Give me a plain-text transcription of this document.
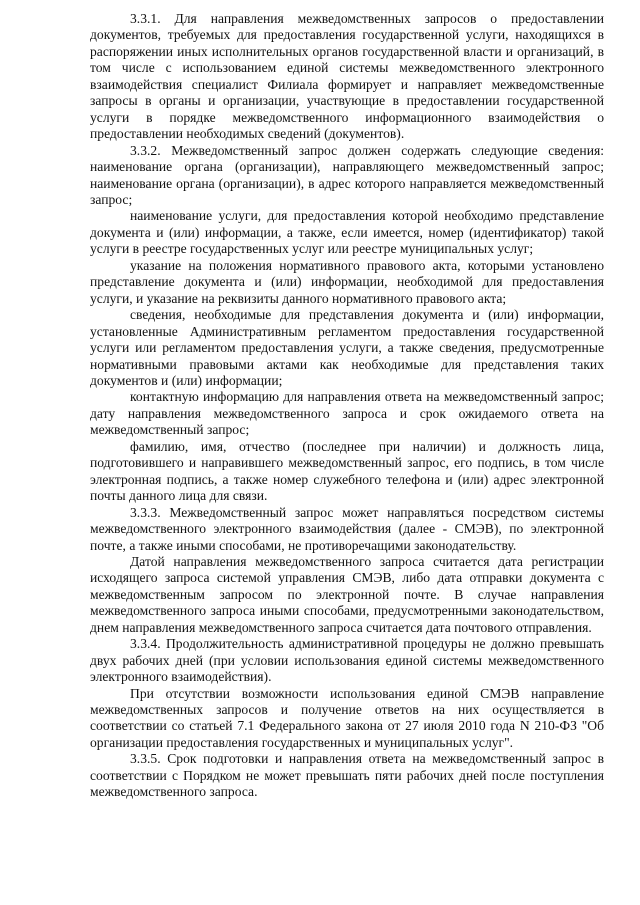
3.3.1. Для направления межведомственных запросов о предоставлении документов, требуемых для предоставления государственной услуги, находящихся в распоряжении иных исполнительных органов государственной власти и организаций, в том числе с использованием единой системы межведомственного электронного взаимодействия специалист Филиала формирует и направляет межведомственные запросы в органы и организации, участвующие в предоставлении государственной услуги в порядке межведомственного информационного взаимодействия о предоставлении необходимых сведений (документов).

3.3.2. Межведомственный запрос должен содержать следующие сведения: наименование органа (организации), направляющего межведомственный запрос; наименование органа (организации), в адрес которого направляется межведомственный запрос;

наименование услуги, для предоставления которой необходимо представление документа и (или) информации, а также, если имеется, номер (идентификатор) такой услуги в реестре государственных услуг или реестре муниципальных услуг;

указание на положения нормативного правового акта, которыми установлено представление документа и (или) информации, необходимой для предоставления услуги, и указание на реквизиты данного нормативного правового акта;

сведения, необходимые для представления документа и (или) информации, установленные Административным регламентом предоставления государственной услуги или регламентом предоставления услуги, а также сведения, предусмотренные нормативными правовыми актами как необходимые для представления таких документов и (или) информации;

контактную информацию для направления ответа на межведомственный запрос; дату направления межведомственного запроса и срок ожидаемого ответа на межведомственный запрос;

фамилию, имя, отчество (последнее при наличии) и должность лица, подготовившего и направившего межведомственный запрос, его подпись, в том числе электронная подпись, а также номер служебного телефона и (или) адрес электронной почты данного лица для связи.

3.3.3. Межведомственный запрос может направляться посредством системы межведомственного электронного взаимодействия (далее - СМЭВ), по электронной почте, а также иными способами, не противоречащими законодательству.

Датой направления межведомственного запроса считается дата регистрации исходящего запроса системой управления СМЭВ, либо дата отправки документа с межведомственным запросом по электронной почте. В случае направления межведомственного запроса иными способами, предусмотренными законодательством, днем направления межведомственного запроса считается дата почтового отправления.

3.3.4. Продолжительность административной процедуры не должно превышать двух рабочих дней (при условии использования единой системы межведомственного электронного взаимодействия).

При отсутствии возможности использования единой СМЭВ направление межведомственных запросов и получение ответов на них осуществляется в соответствии со статьей 7.1 Федерального закона от 27 июля 2010 года N 210-ФЗ "Об организации предоставления государственных и муниципальных услуг".

3.3.5. Срок подготовки и направления ответа на межведомственный запрос в соответствии с Порядком не может превышать пяти рабочих дней после поступления межведомственного запроса.
